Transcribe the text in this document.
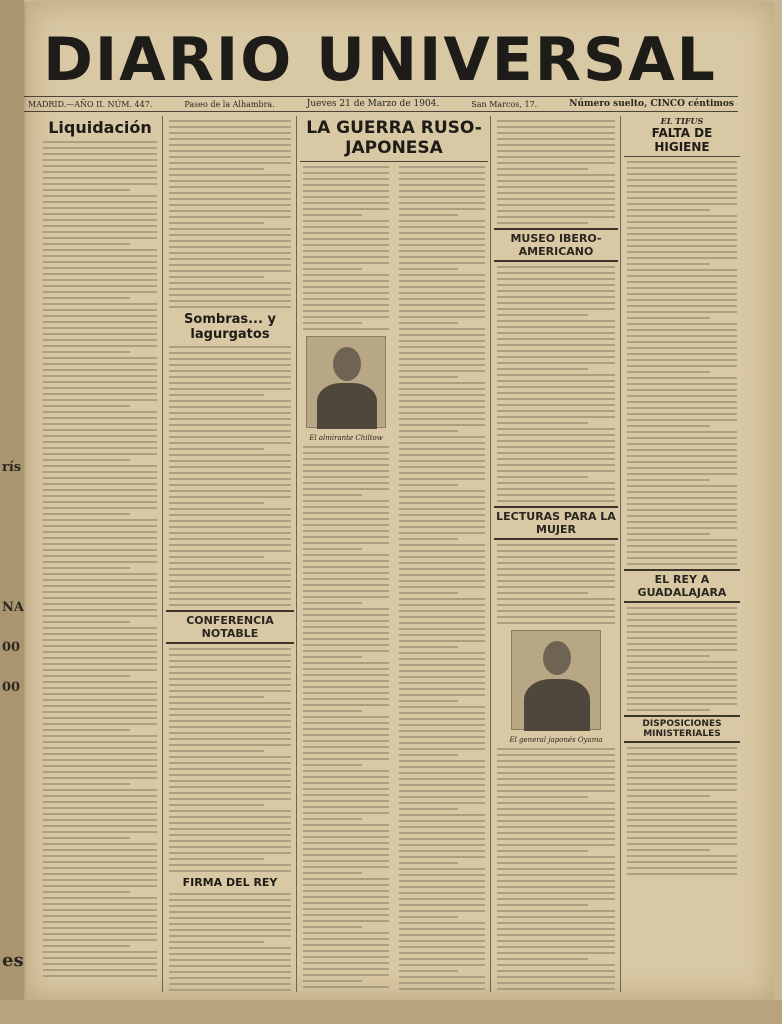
rís
NA
00
00
es
DIARIO UNIVERSAL
MADRID.—AÑO II. NÚM. 447.	Paseo de la Alhambra.	Jueves 21 de Marzo de 1904.	San Marcos, 17.	Número suelto, CINCO céntimos
Liquidación
Sombras... y lagurgatos
CONFERENCIA NOTABLE
FIRMA DEL REY
LA GUERRA RUSO-JAPONESA
El almirante Chiltow
MUSEO IBERO-AMERICANO
LECTURAS PARA LA MUJER
El general japonés Oyama
EL TIFUS
FALTA DE HIGIENE
EL REY A GUADALAJARA
DISPOSICIONES MINISTERIALES
